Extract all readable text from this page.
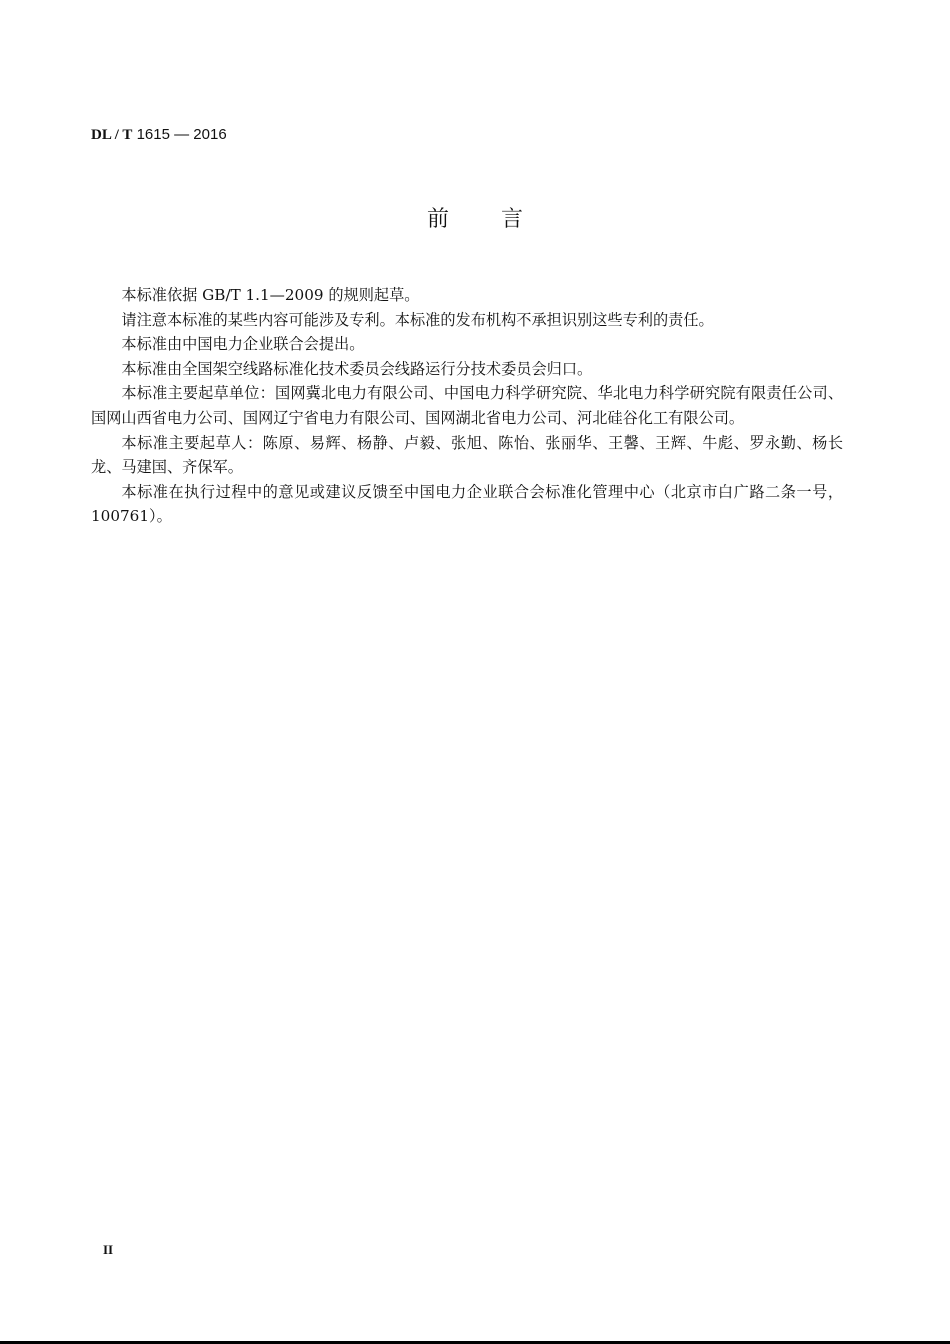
DL / T 1615 — 2016
前言

本标准依据 GB/T 1.1—2009 的规则起草。

请注意本标准的某些内容可能涉及专利。本标准的发布机构不承担识别这些专利的责任。

本标准由中国电力企业联合会提出。

本标准由全国架空线路标准化技术委员会线路运行分技术委员会归口。

本标准主要起草单位：国网冀北电力有限公司、中国电力科学研究院、华北电力科学研究院有限责任公司、国网山西省电力公司、国网辽宁省电力有限公司、国网湖北省电力公司、河北硅谷化工有限公司。

本标准主要起草人：陈原、易辉、杨静、卢毅、张旭、陈怡、张丽华、王馨、王辉、牛彪、罗永勤、杨长龙、马建国、齐保军。

本标准在执行过程中的意见或建议反馈至中国电力企业联合会标准化管理中心（北京市白广路二条一号，100761）。

II
